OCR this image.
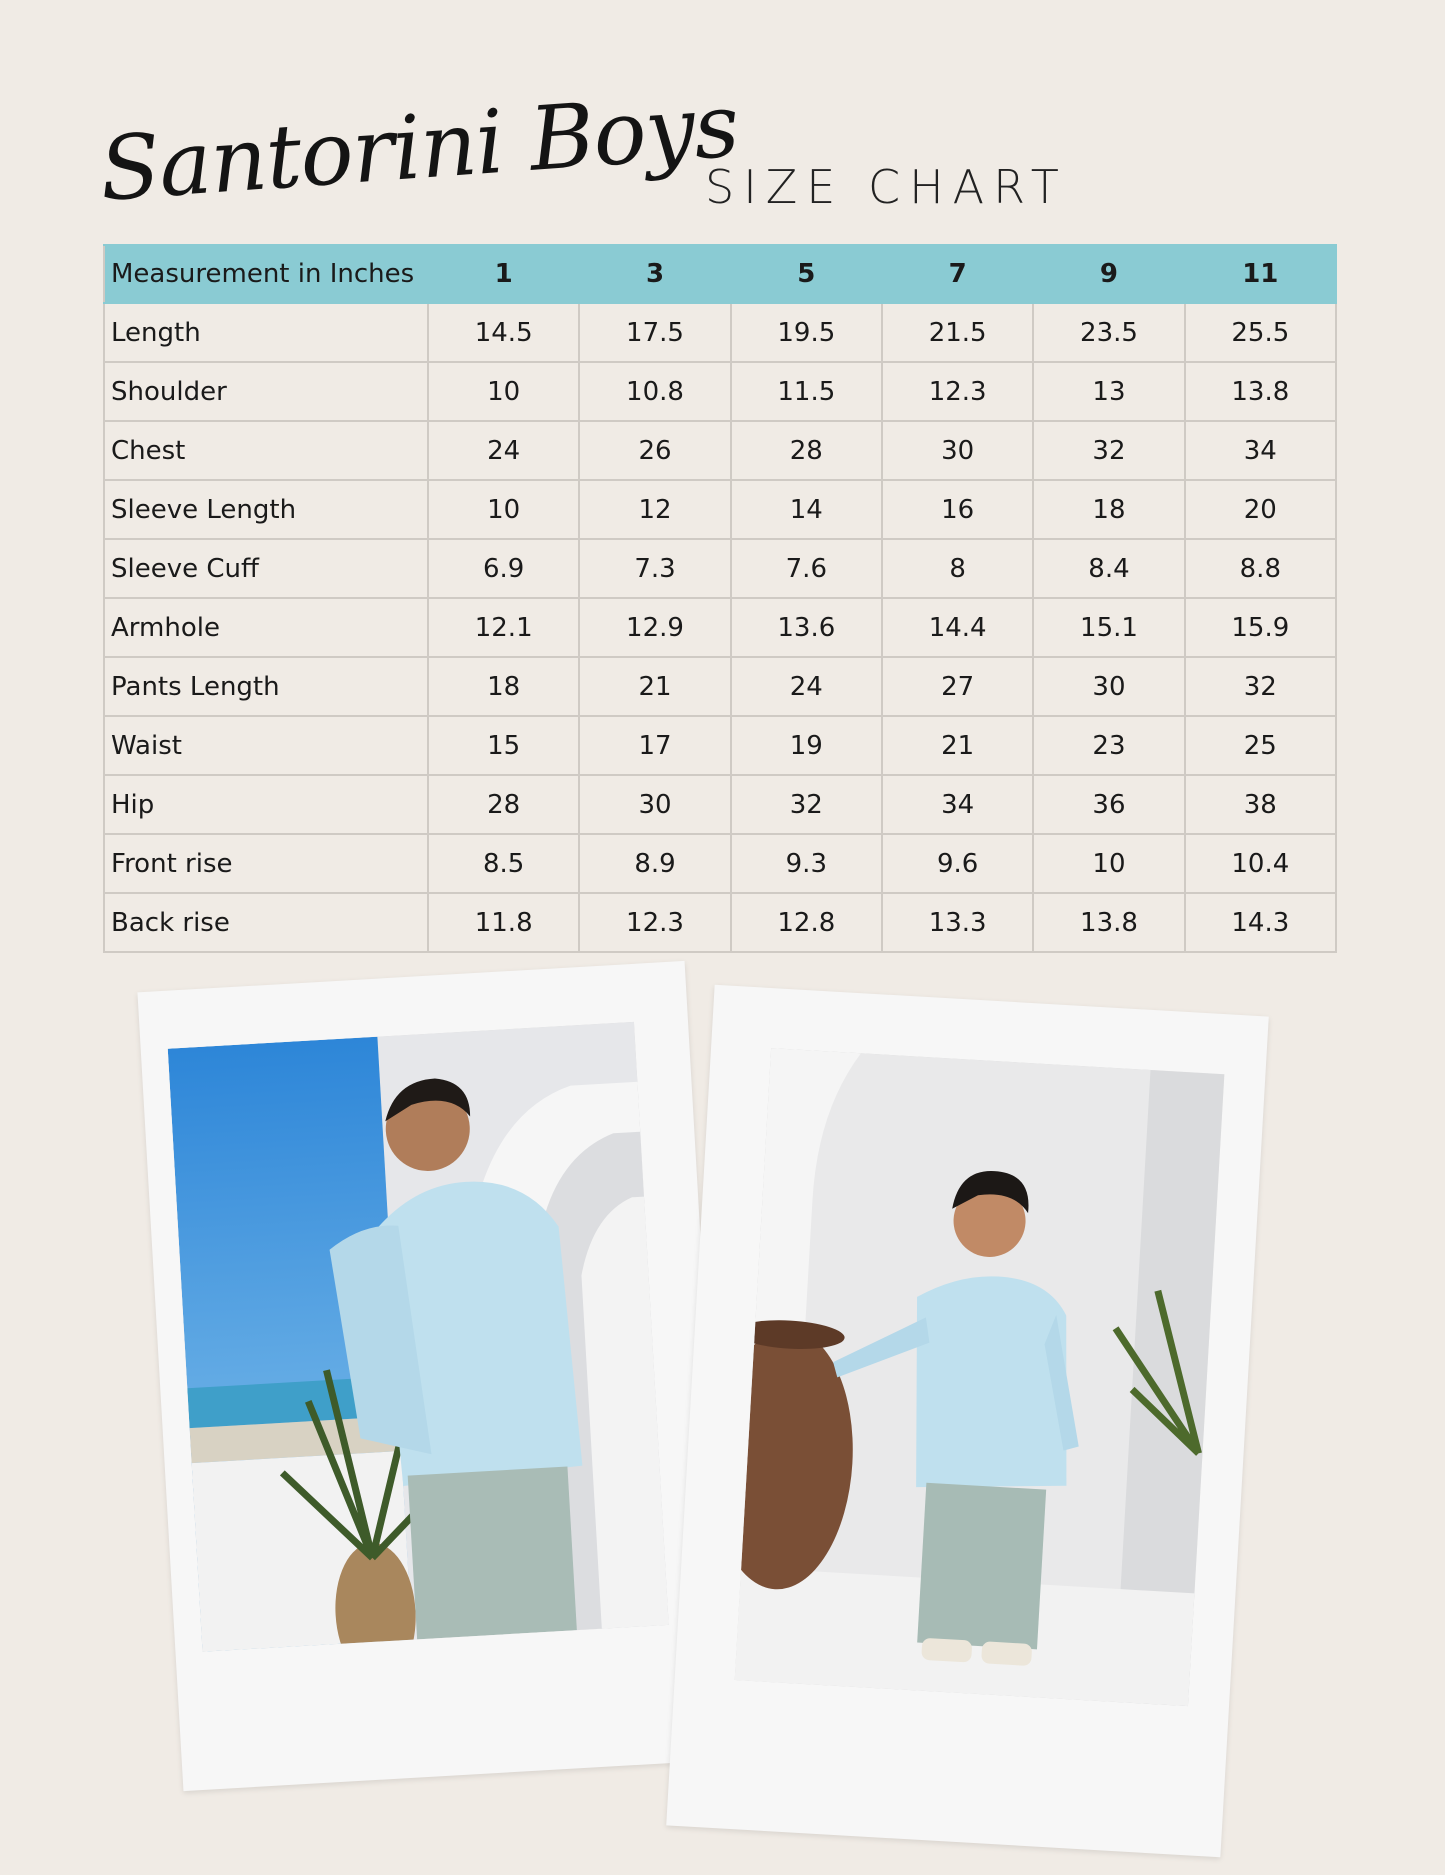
Santorini Boys
SIZE CHART
Measurement in Inches	1	3	5	7	9	11
Length	14.5	17.5	19.5	21.5	23.5	25.5
Shoulder	10	10.8	11.5	12.3	13	13.8
Chest	24	26	28	30	32	34
Sleeve Length	10	12	14	16	18	20
Sleeve Cuff	6.9	7.3	7.6	8	8.4	8.8
Armhole	12.1	12.9	13.6	14.4	15.1	15.9
Pants Length	18	21	24	27	30	32
Waist	15	17	19	21	23	25
Hip	28	30	32	34	36	38
Front rise	8.5	8.9	9.3	9.6	10	10.4
Back rise	11.8	12.3	12.8	13.3	13.8	14.3
